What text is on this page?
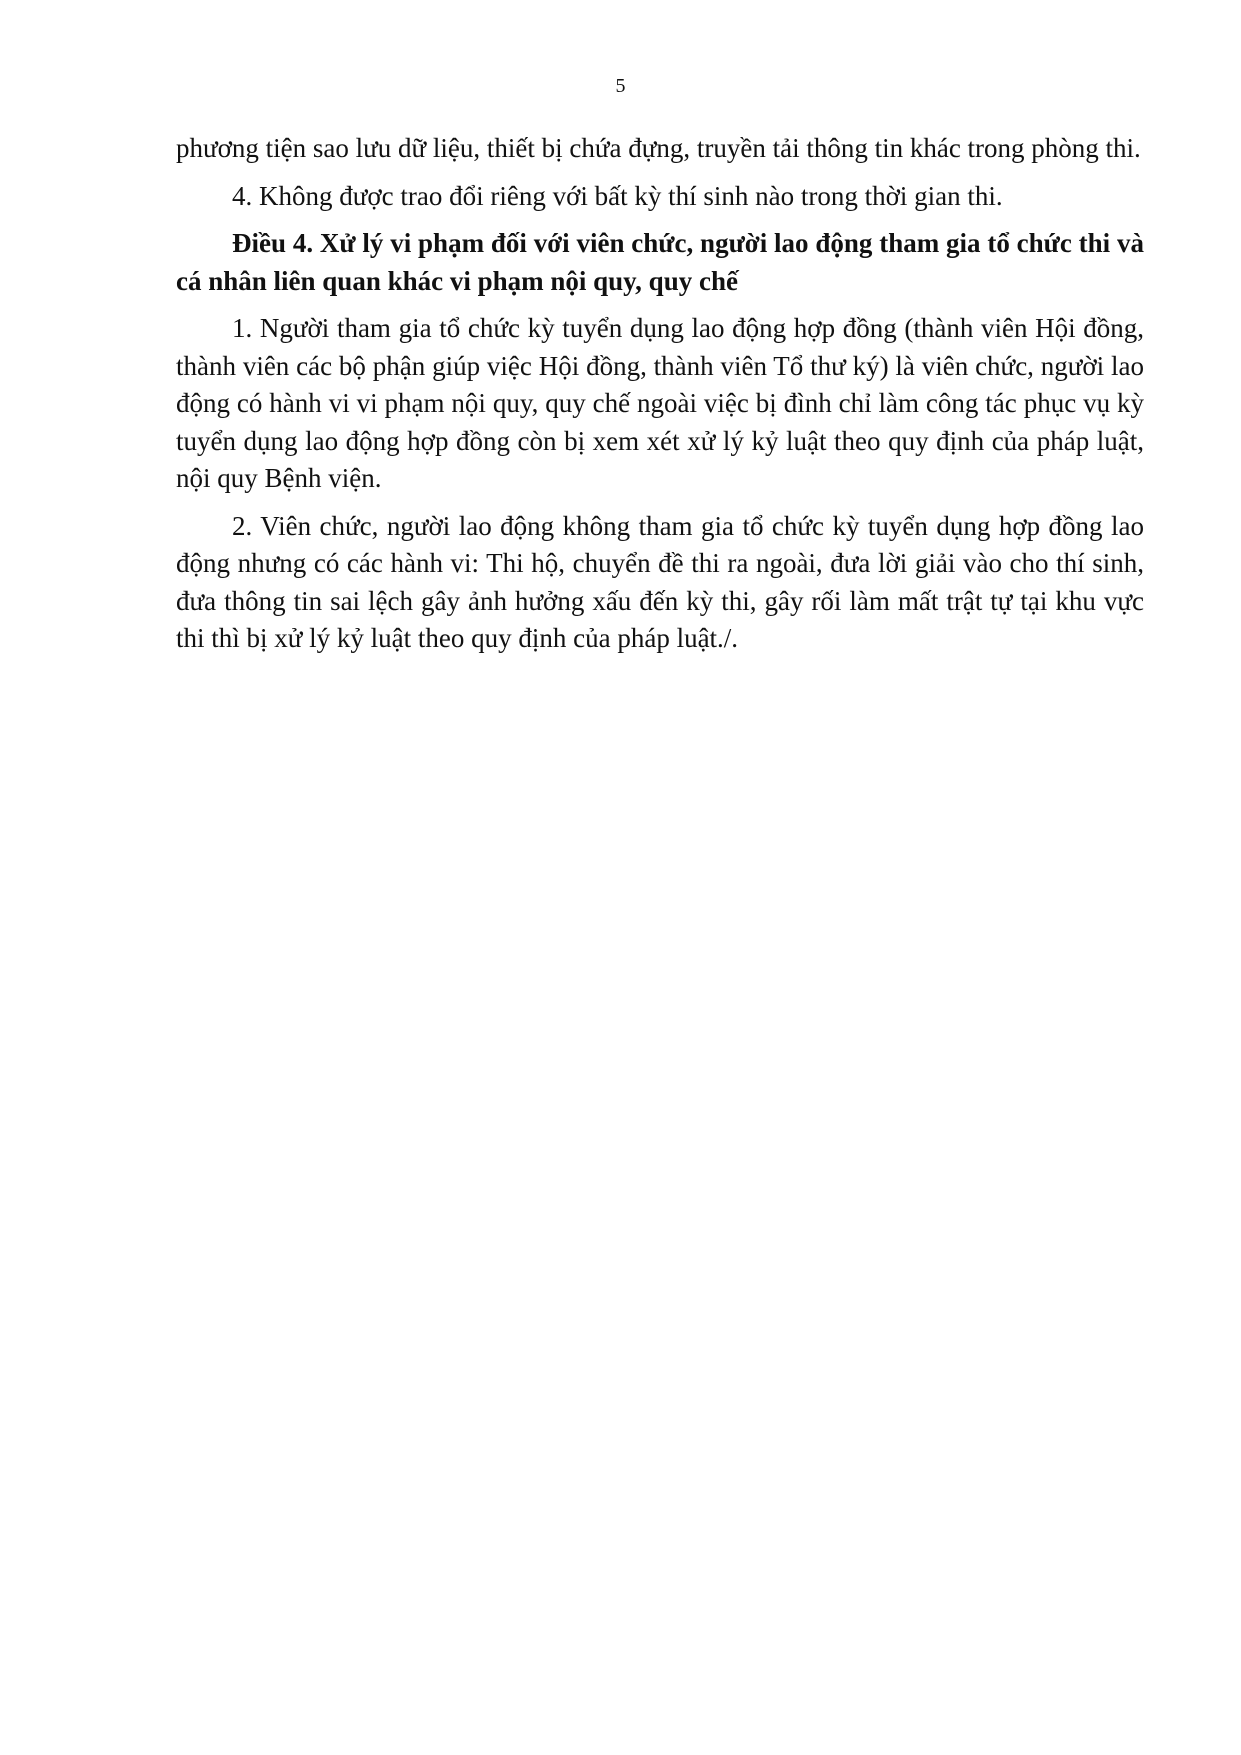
5

phương tiện sao lưu dữ liệu, thiết bị chứa đựng, truyền tải thông tin khác trong phòng thi.

4. Không được trao đổi riêng với bất kỳ thí sinh nào trong thời gian thi.

Điều 4. Xử lý vi phạm đối với viên chức, người lao động tham gia tổ chức thi và cá nhân liên quan khác vi phạm nội quy, quy chế

1. Người tham gia tổ chức kỳ tuyển dụng lao động hợp đồng (thành viên Hội đồng, thành viên các bộ phận giúp việc Hội đồng, thành viên Tổ thư ký) là viên chức, người lao động có hành vi vi phạm nội quy, quy chế ngoài việc bị đình chỉ làm công tác phục vụ kỳ tuyển dụng lao động hợp đồng còn bị xem xét xử lý kỷ luật theo quy định của pháp luật, nội quy Bệnh viện.

2. Viên chức, người lao động không tham gia tổ chức kỳ tuyển dụng hợp đồng lao động nhưng có các hành vi: Thi hộ, chuyển đề thi ra ngoài, đưa lời giải vào cho thí sinh, đưa thông tin sai lệch gây ảnh hưởng xấu đến kỳ thi, gây rối làm mất trật tự tại khu vực thi thì bị xử lý kỷ luật theo quy định của pháp luật./.
